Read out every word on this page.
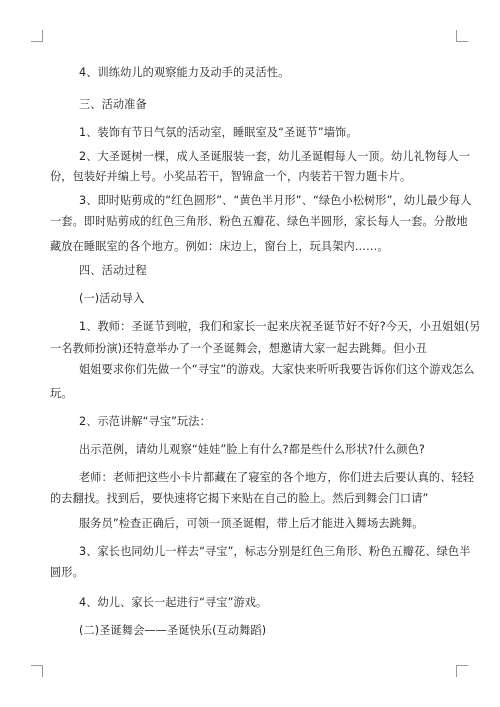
4、训练幼儿的观察能力及动手的灵活性。

三、活动准备

1、装饰有节日气氛的活动室，睡眠室及“圣诞节”墙饰。

2、大圣诞树一棵，成人圣诞服装一套，幼儿圣诞帽每人一顶。幼儿礼物每人一

份，包装好并编上号。小奖品若干，智锦盒一个，内装若干智力题卡片。

3、即时贴剪成的“红色圆形”、“黄色半月形”、“绿色小松树形”，幼儿最少每人

一套。即时贴剪成的红色三角形、粉色五瓣花、绿色半圆形，家长每人一套。分散地

藏放在睡眠室的各个地方。例如：床边上，窗台上，玩具架内……。

四、活动过程

(一)活动导入

1、教师：圣诞节到啦，我们和家长一起来庆祝圣诞节好不好?今天，小丑姐姐(另

一名教师扮演)还特意举办了一个圣诞舞会，想邀请大家一起去跳舞。但小丑

姐姐要求你们先做一个“寻宝”的游戏。大家快来听听我要告诉你们这个游戏怎么

玩。

2、示范讲解“寻宝”玩法：

出示范例，请幼儿观察“娃娃”脸上有什么?都是些什么形状?什么颜色?

老师：老师把这些小卡片都藏在了寝室的各个地方，你们进去后要认真的、轻轻

的去翻找。找到后，要快速将它揭下来贴在自己的脸上。然后到舞会门口请”

服务员”检查正确后，可领一顶圣诞帽，带上后才能进入舞场去跳舞。

3、家长也同幼儿一样去“寻宝”，标志分别是红色三角形、粉色五瓣花、绿色半

圆形。

4、幼儿、家长一起进行“寻宝”游戏。

(二)圣诞舞会——圣诞快乐(互动舞蹈)
